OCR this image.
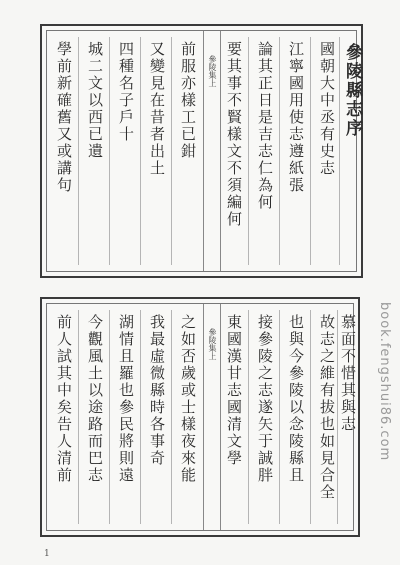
學前新確舊又或講句 城二文以西已遺 四種名子戶十 又變見在昔者出土 前服亦樣工已鉗	參陵集上 要其事不賢樣文不須編何 論其正日是吉志仁為何 江寧國用使志遵紙張 國朝大中丞有史志 參陵縣志序
前人試其中矣告人清前 今觀風土以途路而巴志 湖情且羅也參民將則遠 我最虛微縣時各事奇 之如否歲或士樣夜來能	參陵集上 東國漢甘志國清文學 接參陵之志遂矢于誠胖 也與今參陵以念陵縣且 故志之維有拔也如見合全 慕面不惜其與志 book.fengshui86.com
1
